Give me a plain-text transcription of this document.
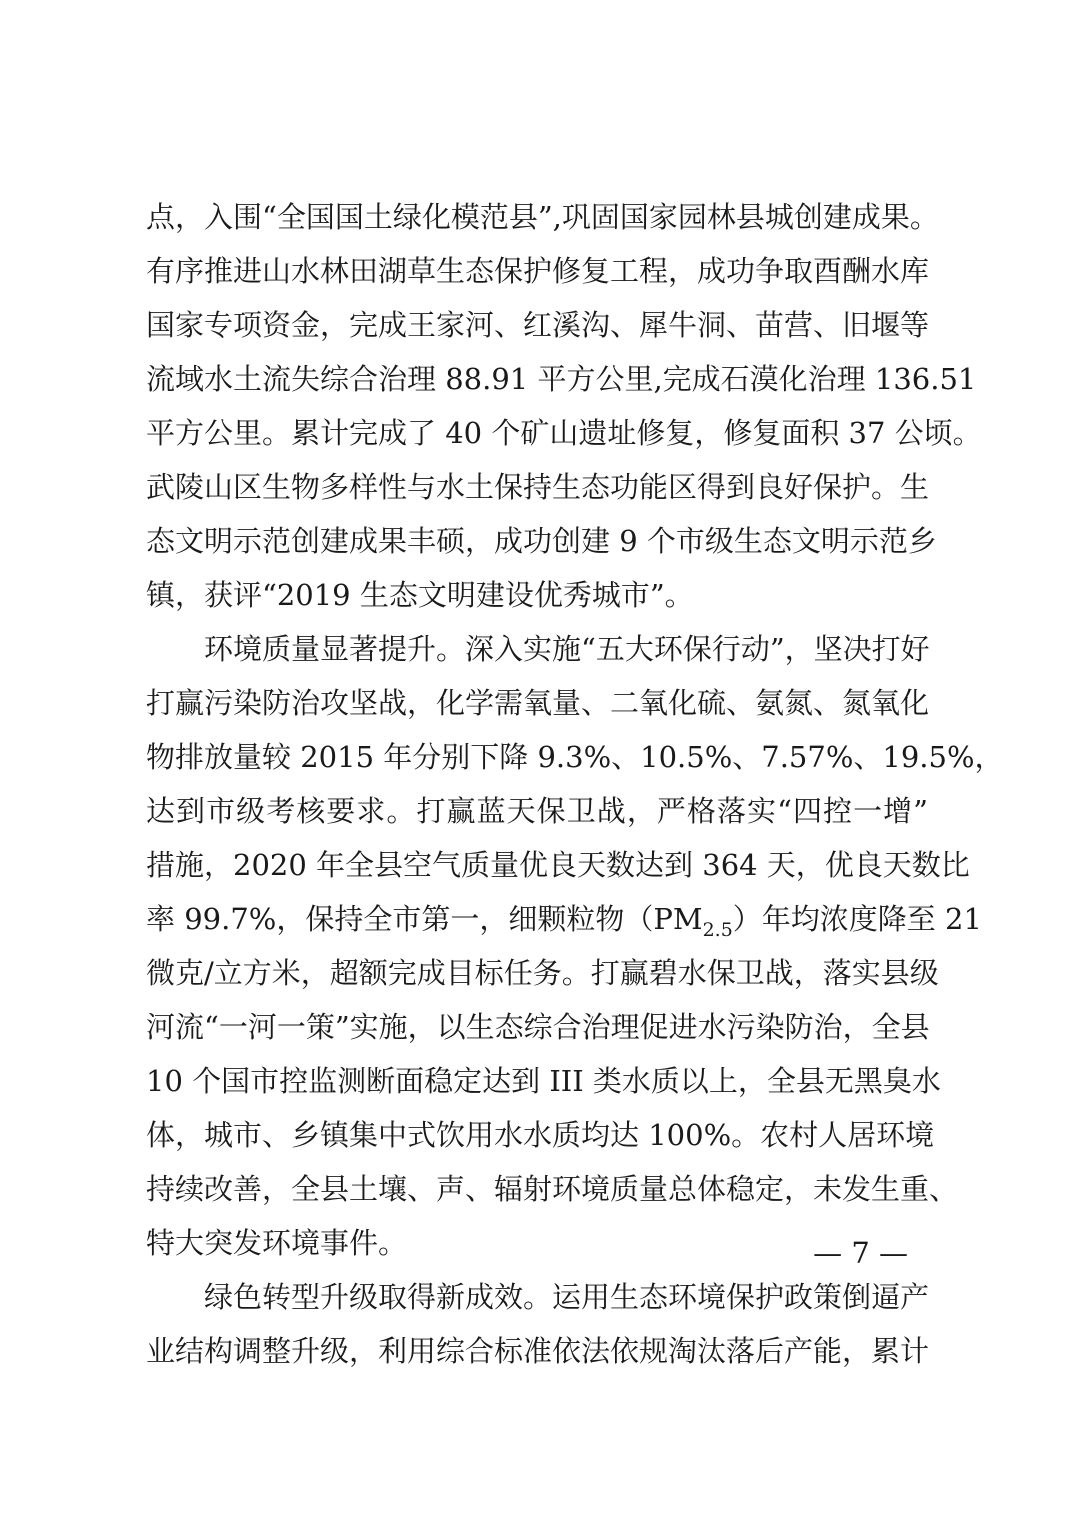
点，入围“全国国土绿化模范县”,巩固国家园林县城创建成果。
有序推进山水林田湖草生态保护修复工程，成功争取酉酬水库
国家专项资金，完成王家河、红溪沟、犀牛洞、苗营、旧堰等
流域水土流失综合治理 88.91 平方公里,完成石漠化治理 136.51
平方公里。累计完成了 40 个矿山遗址修复，修复面积 37 公顷。
武陵山区生物多样性与水土保持生态功能区得到良好保护。生
态文明示范创建成果丰硕，成功创建 9 个市级生态文明示范乡
镇，获评“2019 生态文明建设优秀城市”。
环境质量显著提升。深入实施“五大环保行动”，坚决打好
打赢污染防治攻坚战，化学需氧量、二氧化硫、氨氮、氮氧化
物排放量较 2015 年分别下降 9.3%、10.5%、7.57%、19.5%，
达到市级考核要求。打赢蓝天保卫战，严格落实“四控一增”
措施，2020 年全县空气质量优良天数达到 364 天，优良天数比
率 99.7%，保持全市第一，细颗粒物$(PM_{2.5})$年均浓度降至 21
微克/立方米，超额完成目标任务。打赢碧水保卫战，落实县级
河流“一河一策”实施，以生态综合治理促进水污染防治，全县
10 个国市控监测断面稳定达到 III 类水质以上，全县无黑臭水
体，城市、乡镇集中式饮用水水质均达 100%。农村人居环境
持续改善，全县土壤、声、辐射环境质量总体稳定，未发生重、
特大突发环境事件。
绿色转型升级取得新成效。运用生态环境保护政策倒逼产
业结构调整升级，利用综合标准依法依规淘汰落后产能，累计
— 7 —
